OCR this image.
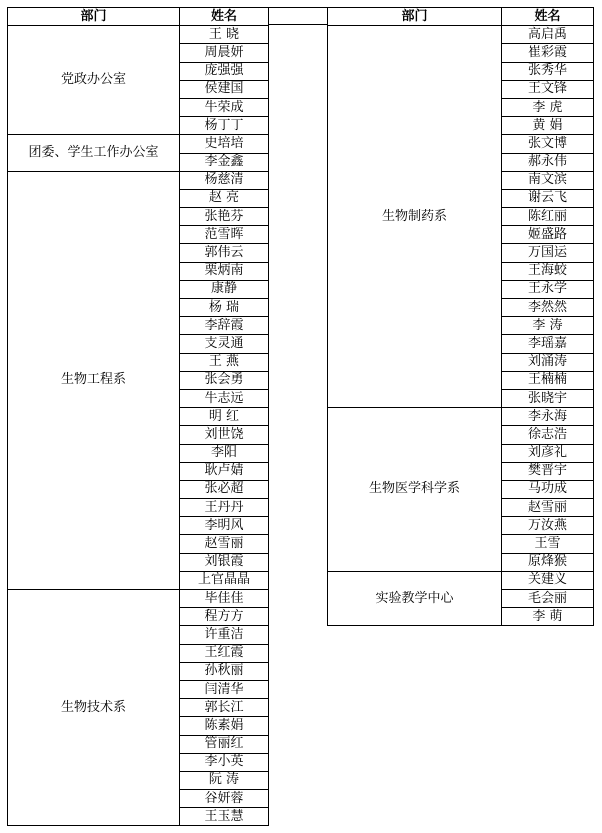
部门	姓名
党政办公室	王 晓
	周晨妍
	庞强强
	侯建国
	牛荣成
	杨丁丁
团委、学生工作办公室	史培培
	李金鑫
生物工程系	杨慈清
	赵 亮
	张艳芬
	范雪晖
	郭伟云
	栗炳南
	康静
	杨 瑞
	李辞霞
	支灵通
	王 燕
	张会勇
	牛志远
	明 红
	刘世饶
	李阳
	耿卢婧
	张必超
	王丹丹
	李明风
	赵雪丽
	刘银霞
	上官晶晶
生物技术系	毕佳佳
	程方方
	许重洁
	王红霞
	孙秋丽
	闫清华
	郭长江
	陈素娟
	管丽红
	李小英
	阮 涛
	谷妍蓉
	王玉慧
部门	姓名
生物制药系	高启禹
	崔彩霞
	张秀华
	王文锋
	李 虎
	黄 娟
	张文博
	郝永伟
	南文滨
	谢云飞
	陈红丽
	姬盛路
	万国运
	王海蛟
	王永学
	李然然
	李 涛
	李瑶嘉
	刘涌涛
	王楠楠
	张晓宇
生物医学科学系	李永海
	徐志浩
	刘彦礼
	樊晋宇
	马功成
	赵雪丽
	万汝燕
	王雪
	原烽猴
实验教学中心	关建义
	毛会丽
	李 萌
